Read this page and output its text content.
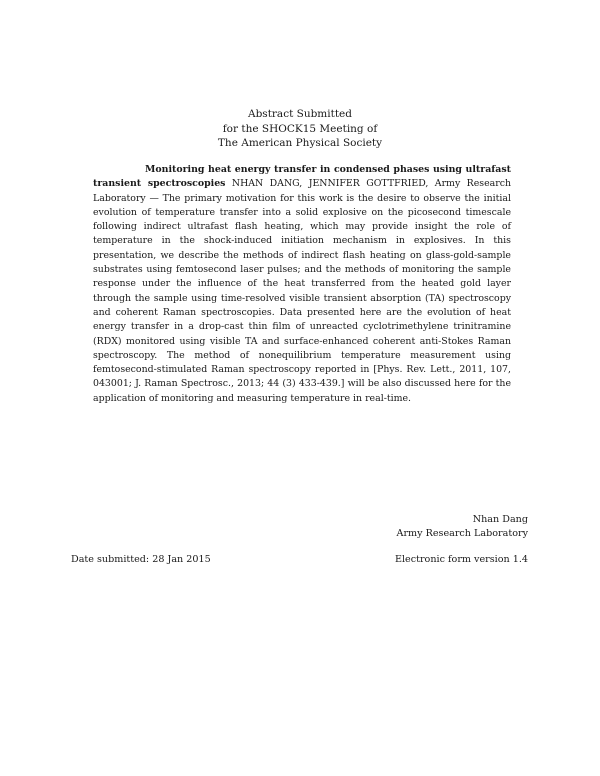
Abstract Submitted
for the SHOCK15 Meeting of
The American Physical Society
Monitoring heat energy transfer in condensed phases using ultrafast transient spectroscopies NHAN DANG, JENNIFER GOTTFRIED, Army Research Laboratory — The primary motivation for this work is the desire to observe the initial evolution of temperature transfer into a solid explosive on the picosecond timescale following indirect ultrafast flash heating, which may provide insight the role of temperature in the shock-induced initiation mechanism in explosives. In this presentation, we describe the methods of indirect flash heating on glass-gold-sample substrates using femtosecond laser pulses; and the methods of monitoring the sample response under the influence of the heat transferred from the heated gold layer through the sample using time-resolved visible transient absorption (TA) spectroscopy and coherent Raman spectroscopies. Data presented here are the evolution of heat energy transfer in a drop-cast thin film of unreacted cyclotrimethylene trinitramine (RDX) monitored using visible TA and surface-enhanced coherent anti-Stokes Raman spectroscopy. The method of nonequilibrium temperature measurement using femtosecond-stimulated Raman spectroscopy reported in [Phys. Rev. Lett., 2011, 107, 043001; J. Raman Spectrosc., 2013; 44 (3) 433-439.] will be also discussed here for the application of monitoring and measuring temperature in real-time.
Nhan Dang
Army Research Laboratory
Date submitted: 28 Jan 2015	Electronic form version 1.4
